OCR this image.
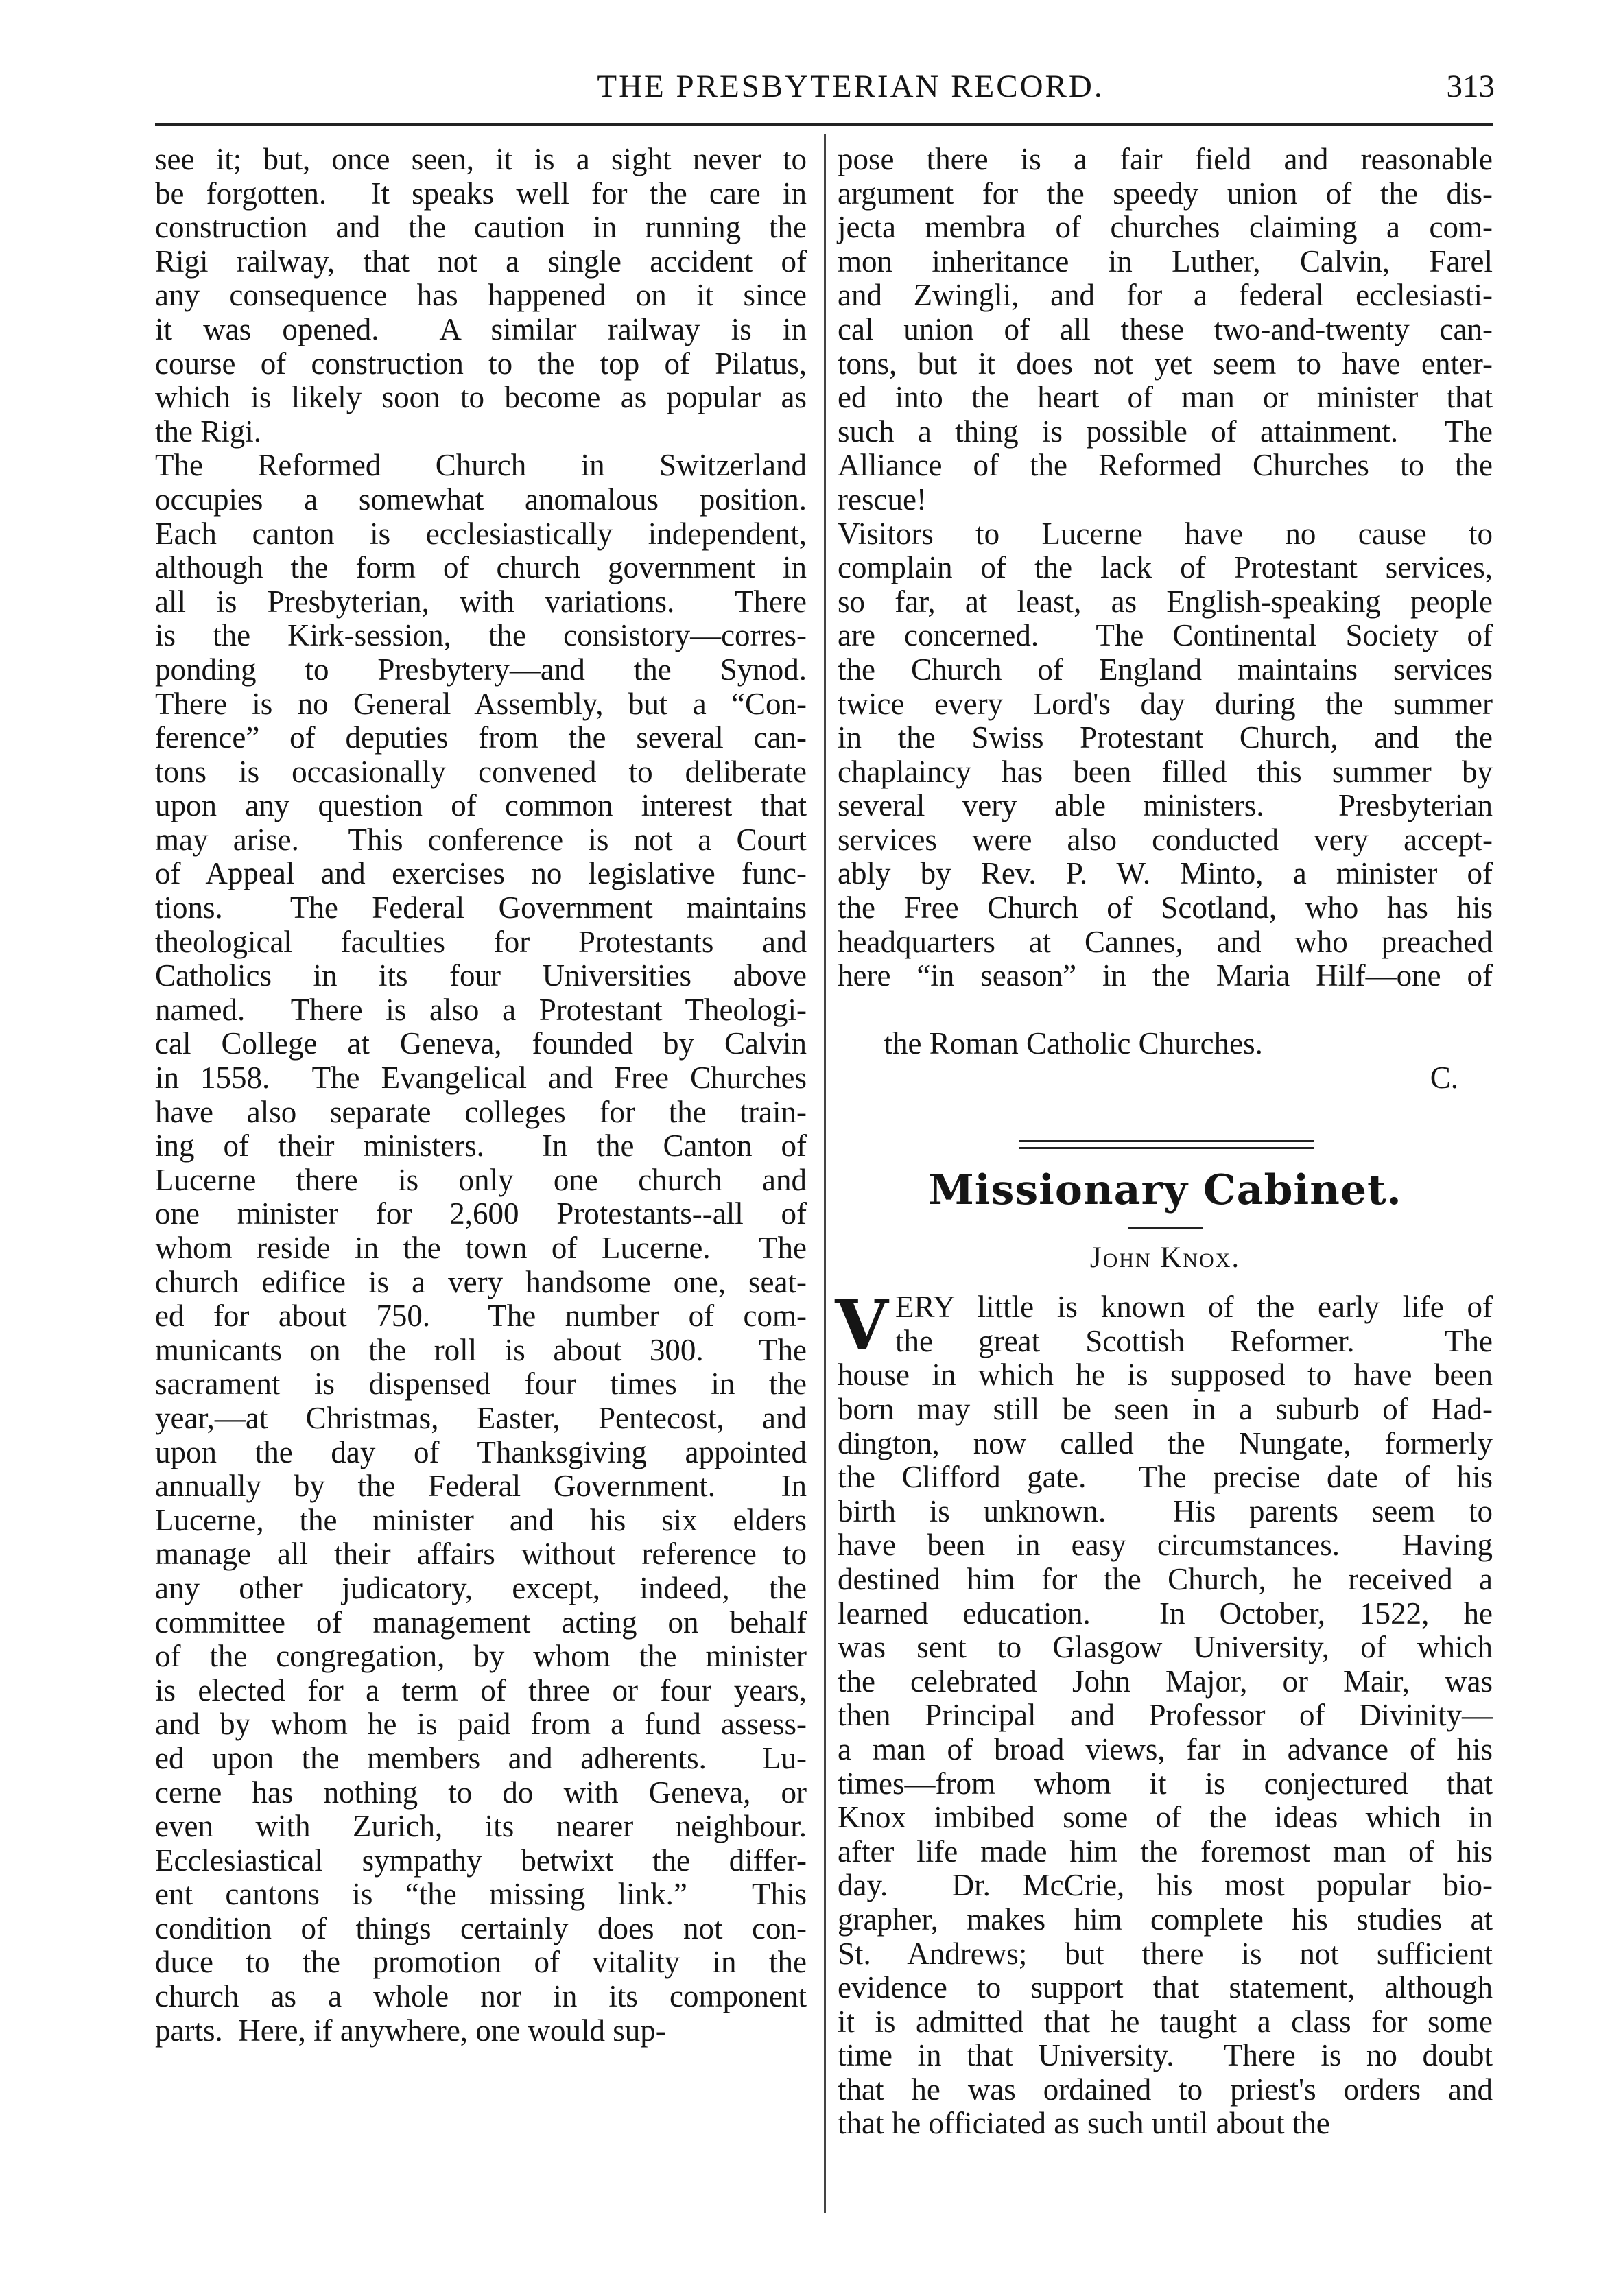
THE PRESBYTERIAN RECORD.	313
see it; but, once seen, it is a sight never to
be forgotten.  It speaks well for the care in
construction and the caution in running the
Rigi railway, that not a single accident of
any consequence has happened on it since
it was opened.  A similar railway is in
course of construction to the top of Pilatus,
which is likely soon to become as popular as
the Rigi.
The Reformed Church in Switzerland
occupies a somewhat anomalous position.
Each canton is ecclesiastically independent,
although the form of church government in
all is Presbyterian, with variations.  There
is the Kirk-session, the consistory—corres-
ponding to Presbytery—and the Synod.
There is no General Assembly, but a “Con-
ference” of deputies from the several can-
tons is occasionally convened to deliberate
upon any question of common interest that
may arise.  This conference is not a Court
of Appeal and exercises no legislative func-
tions.  The Federal Government maintains
theological faculties for Protestants and
Catholics in its four Universities above
named.  There is also a Protestant Theologi-
cal College at Geneva, founded by Calvin
in 1558.  The Evangelical and Free Churches
have also separate colleges for the train-
ing of their ministers.  In the Canton of
Lucerne there is only one church and
one minister for 2,600 Protestants--all of
whom reside in the town of Lucerne.  The
church edifice is a very handsome one, seat-
ed for about 750.  The number of com-
municants on the roll is about 300.  The
sacrament is dispensed four times in the
year,—at Christmas, Easter, Pentecost, and
upon the day of Thanksgiving appointed
annually by the Federal Government.  In
Lucerne, the minister and his six elders
manage all their affairs without reference to
any other judicatory, except, indeed, the
committee of management acting on behalf
of the congregation, by whom the minister
is elected for a term of three or four years,
and by whom he is paid from a fund assess-
ed upon the members and adherents.  Lu-
cerne has nothing to do with Geneva, or
even with Zurich, its nearer neighbour.
Ecclesiastical sympathy betwixt the differ-
ent cantons is “the missing link.”  This
condition of things certainly does not con-
duce to the promotion of vitality in the
church as a whole nor in its component
parts.  Here, if anywhere, one would sup-
pose there is a fair field and reasonable
argument for the speedy union of the dis-
jecta membra of churches claiming a com-
mon inheritance in Luther, Calvin, Farel
and Zwingli, and for a federal ecclesiasti-
cal union of all these two-and-twenty can-
tons, but it does not yet seem to have enter-
ed into the heart of man or minister that
such a thing is possible of attainment.  The
Alliance of the Reformed Churches to the
rescue!
Visitors to Lucerne have no cause to
complain of the lack of Protestant services,
so far, at least, as English-speaking people
are concerned.  The Continental Society of
the Church of England maintains services
twice every Lord's day during the summer
in the Swiss Protestant Church, and the
chaplaincy has been filled this summer by
several very able ministers.  Presbyterian
services were also conducted very accept-
ably by Rev. P. W. Minto, a minister of
the Free Church of Scotland, who has his
headquarters at Cannes, and who preached
here “in season” in the Maria Hilf—one of

the Roman Catholic Churches.

C.

Missionary Cabinet.
John Knox.
V ERY little is known of the early life of
the great Scottish Reformer.  The
house in which he is supposed to have been
born may still be seen in a suburb of Had-
dington, now called the Nungate, formerly
the Clifford gate.  The precise date of his
birth is unknown.  His parents seem to
have been in easy circumstances.  Having
destined him for the Church, he received a
learned education.  In October, 1522, he
was sent to Glasgow University, of which
the celebrated John Major, or Mair, was
then Principal and Professor of Divinity—
a man of broad views, far in advance of his
times—from whom it is conjectured that
Knox imbibed some of the ideas which in
after life made him the foremost man of his
day.  Dr. McCrie, his most popular bio-
grapher, makes him complete his studies at
St. Andrews; but there is not sufficient
evidence to support that statement, although
it is admitted that he taught a class for some
time in that University.  There is no doubt
that he was ordained to priest's orders and
that he officiated as such until about the
